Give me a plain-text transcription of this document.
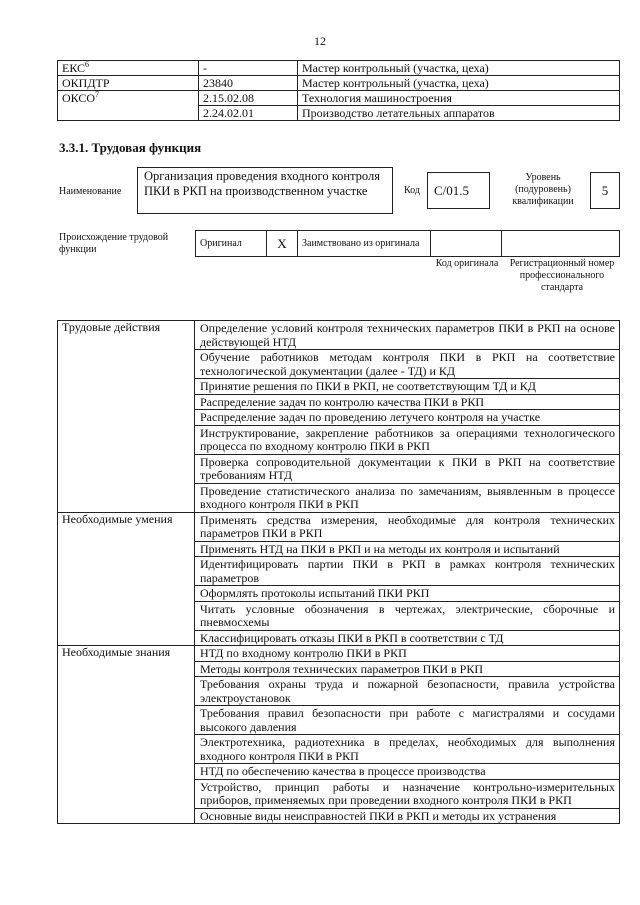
12
ЕКС$^6$	-	Мастер контрольный (участка, цеха)
ОКПДТР	23840	Мастер контрольный (участка, цеха)
ОКСО$^7$	2.15.02.08	Технология машиностроения
	2.24.02.01	Производство летательных аппаратов
3.3.1. Трудовая функция
Наименование
Организация проведения входного контроля ПКИ в РКП на производственном участке	Код	С/01.5
Уровень (подуровень) квалификации
5
Происхождение трудовой функции
Оригинал	X	Заимствовано из оригинала		
Код оригинала	Регистрационный номер профессионального стандарта
Трудовые действия	Определение условий контроля технических параметров ПКИ в РКП на основе действующей НТД
	Обучение работников методам контроля ПКИ в РКП на соответствие технологической документации (далее - ТД) и КД
	Принятие решения по ПКИ в РКП, не соответствующим ТД и КД
	Распределение задач по контролю качества ПКИ в РКП
	Распределение задач по проведению летучего контроля на участке
	Инструктирование, закрепление работников за операциями технологического процесса по входному контролю ПКИ в РКП
	Проверка сопроводительной документации к ПКИ в РКП на соответствие требованиям НТД
	Проведение статистического анализа по замечаниям, выявленным в процессе входного контроля ПКИ в РКП
Необходимые умения	Применять средства измерения, необходимые для контроля технических параметров ПКИ в РКП
	Применять НТД на ПКИ в РКП и на методы их контроля и испытаний
	Идентифицировать партии ПКИ в РКП в рамках контроля технических параметров
	Оформлять протоколы испытаний ПКИ РКП
	Читать условные обозначения в чертежах, электрические, сборочные и пневмосхемы
	Классифицировать отказы ПКИ в РКП в соответствии с ТД
Необходимые знания	НТД по входному контролю ПКИ в РКП
	Методы контроля технических параметров ПКИ в РКП
	Требования охраны труда и пожарной безопасности, правила устройства электроустановок
	Требования правил безопасности при работе с магистралями и сосудами высокого давления
	Электротехника, радиотехника в пределах, необходимых для выполнения входного контроля ПКИ в РКП
	НТД по обеспечению качества в процессе производства
	Устройство, принцип работы и назначение контрольно-измерительных приборов, применяемых при проведении входного контроля ПКИ в РКП
	Основные виды неисправностей ПКИ в РКП и методы их устранения
